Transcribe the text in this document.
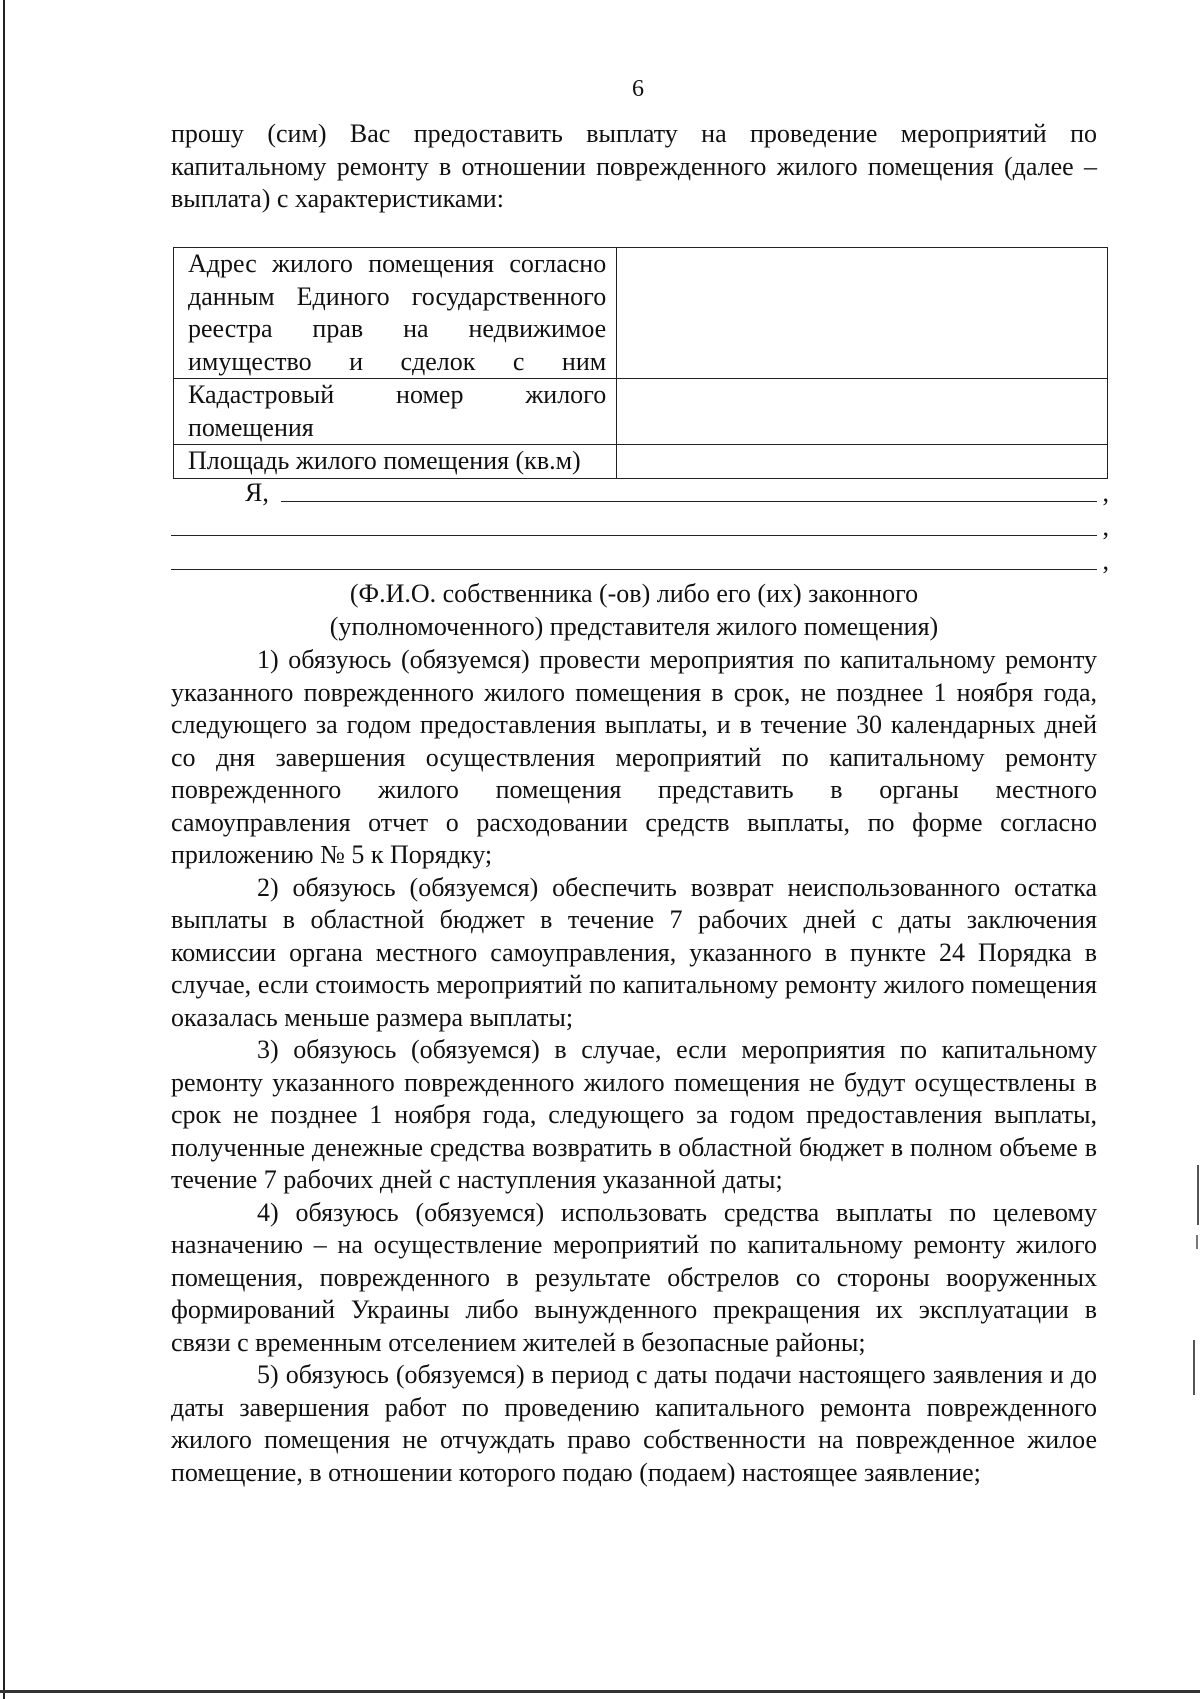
6

прошу (сим) Вас предоставить выплату на проведение мероприятий по капитальному ремонту в отношении поврежденного жилого помещения (далее – выплата) с характеристиками:

Адрес жилого помещения согласно данным Единого государственного реестра прав на недвижимое имущество и сделок с ним	
Кадастровый номер жилого помещения	
Площадь жилого помещения (кв.м)	
Я,	,
,
,
(Ф.И.О. собственника (-ов) либо его (их) законного
(уполномоченного) представителя жилого помещения)

1) обязуюсь (обязуемся) провести мероприятия по капитальному ремонту указанного поврежденного жилого помещения в срок, не позднее 1 ноября года, следующего за годом предоставления выплаты, и в течение 30 календарных дней со дня завершения осуществления мероприятий по капитальному ремонту поврежденного жилого помещения представить в органы местного самоуправления отчет о расходовании средств выплаты, по форме согласно приложению № 5 к Порядку;

2) обязуюсь (обязуемся) обеспечить возврат неиспользованного остатка выплаты в областной бюджет в течение 7 рабочих дней с даты заключения комиссии органа местного самоуправления, указанного в пункте 24 Порядка в случае, если стоимость мероприятий по капитальному ремонту жилого помещения оказалась меньше размера выплаты;

3) обязуюсь (обязуемся) в случае, если мероприятия по капитальному ремонту указанного поврежденного жилого помещения не будут осуществлены в срок не позднее 1 ноября года, следующего за годом предоставления выплаты, полученные денежные средства возвратить в областной бюджет в полном объеме в течение 7 рабочих дней с наступления указанной даты;

4) обязуюсь (обязуемся) использовать средства выплаты по целевому назначению – на осуществление мероприятий по капитальному ремонту жилого помещения, поврежденного в результате обстрелов со стороны вооруженных формирований Украины либо вынужденного прекращения их эксплуатации в связи с временным отселением жителей в безопасные районы;

5) обязуюсь (обязуемся) в период с даты подачи настоящего заявления и до даты завершения работ по проведению капитального ремонта поврежденного жилого помещения не отчуждать право собственности на поврежденное жилое помещение, в отношении которого подаю (подаем) настоящее заявление;
